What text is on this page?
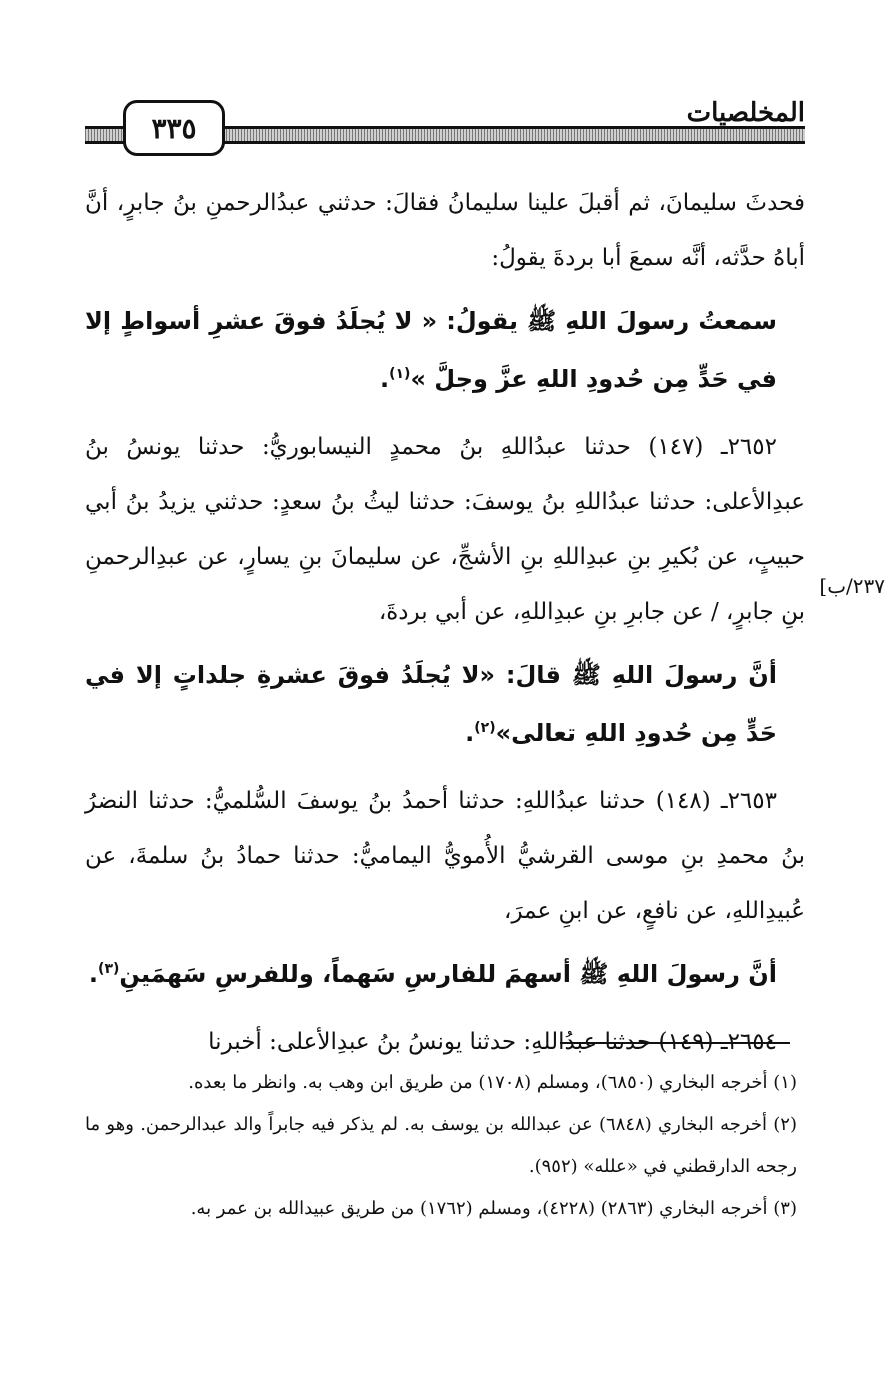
المخلصيات
٣٣٥

فحدثَ سليمانَ، ثم أقبلَ علينا سليمانُ فقالَ: حدثني عبدُالرحمنِ بنُ جابرٍ، أنَّ أباهُ حدَّثه، أنَّه سمعَ أبا بردةَ يقولُ:

سمعتُ رسولَ اللهِ ﷺ يقولُ: « لا يُجلَدُ فوقَ عشرِ أسواطٍ إلا في حَدٍّ مِن حُدودِ اللهِ عزَّ وجلَّ »$^{(١)}$.

٢٦٥٢ـ (١٤٧) حدثنا عبدُاللهِ بنُ محمدٍ النيسابوريُّ: حدثنا يونسُ بنُ عبدِالأعلى: حدثنا عبدُاللهِ بنُ يوسفَ: حدثنا ليثُ بنُ سعدٍ: حدثني يزيدُ بنُ أبي حبيبٍ، عن بُكيرِ بنِ عبدِاللهِ بنِ الأشجِّ، عن سليمانَ بنِ يسارٍ، عن عبدِالرحمنِ بنِ جابرٍ، / عن جابرِ بنِ عبدِاللهِ، عن أبي بردةَ،

أنَّ رسولَ اللهِ ﷺ قالَ: «لا يُجلَدُ فوقَ عشرةِ جلداتٍ إلا في حَدٍّ مِن حُدودِ اللهِ تعالى»$^{(٢)}$.

٢٦٥٣ـ (١٤٨) حدثنا عبدُاللهِ: حدثنا أحمدُ بنُ يوسفَ السُّلميُّ: حدثنا النضرُ بنُ محمدِ بنِ موسى القرشيُّ الأُمويُّ اليماميُّ: حدثنا حمادُ بنُ سلمةَ، عن عُبيدِاللهِ، عن نافعٍ، عن ابنِ عمرَ،

أنَّ رسولَ اللهِ ﷺ أسهمَ للفارسِ سَهماً، وللفرسِ سَهمَينِ$^{(٣)}$.

٢٦٥٤ـ (١٤٩) حدثنا عبدُاللهِ: حدثنا يونسُ بنُ عبدِالأعلى: أخبرنا

[٢٣٧/ب

(١) أخرجه البخاري (٦٨٥٠)، ومسلم (١٧٠٨) من طريق ابن وهب به. وانظر ما بعده.

(٢) أخرجه البخاري (٦٨٤٨) عن عبدالله بن يوسف به. لم يذكر فيه جابراً والد عبدالرحمن. وهو ما رجحه الدارقطني في «علله» (٩٥٢).

(٣) أخرجه البخاري (٢٨٦٣) (٤٢٢٨)، ومسلم (١٧٦٢) من طريق عبيدالله بن عمر به.
